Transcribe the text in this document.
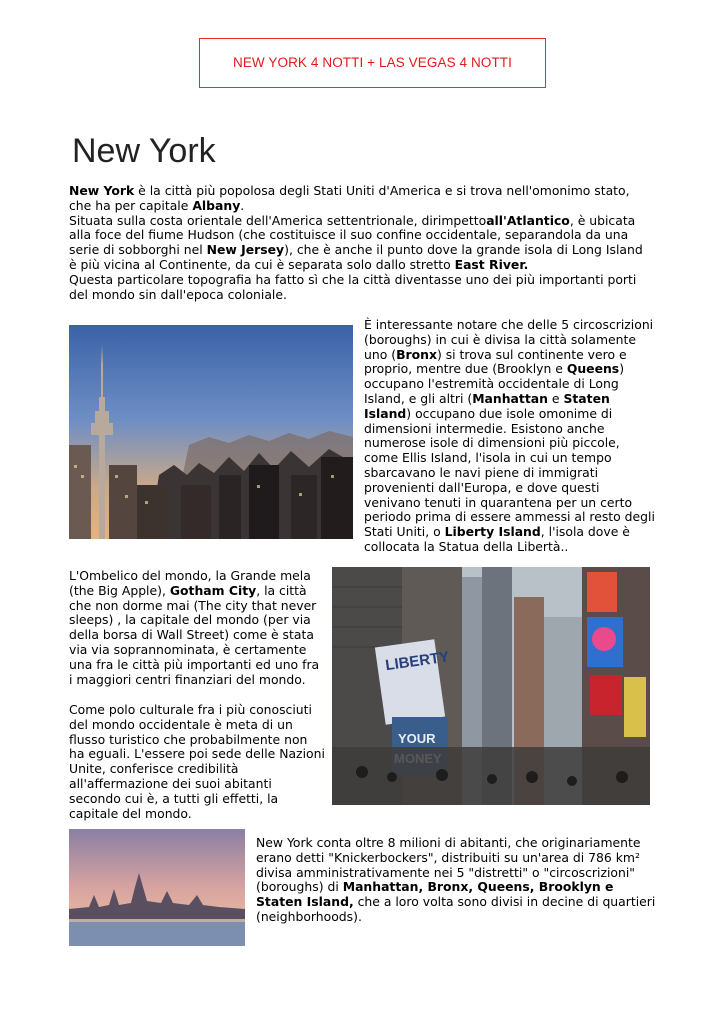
NEW YORK 4 NOTTI + LAS VEGAS 4 NOTTI
New York

New York è la città più popolosa degli Stati Uniti d'America e si trova nell'omonimo stato, che ha per capitale Albany.

Situata sulla costa orientale dell'America settentrionale, dirimpettoall'Atlantico, è ubicata alla foce del fiume Hudson (che costituisce il suo confine occidentale, separandola da una serie di sobborghi nel New Jersey), che è anche il punto dove la grande isola di Long Island è più vicina al Continente, da cui è separata solo dallo stretto East River.

Questa particolare topografia ha fatto sì che la città diventasse uno dei più importanti porti del mondo sin dall'epoca coloniale.

È interessante notare che delle 5 circoscrizioni (boroughs) in cui è divisa la città solamente uno (Bronx) si trova sul continente vero e proprio, mentre due (Brooklyn e Queens) occupano l'estremità occidentale di Long Island, e gli altri (Manhattan e Staten Island) occupano due isole omonime di dimensioni intermedie. Esistono anche numerose isole di dimensioni più piccole, come Ellis Island, l'isola in cui un tempo sbarcavano le navi piene di immigrati provenienti dall'Europa, e dove questi venivano tenuti in quarantena per un certo periodo prima di essere ammessi al resto degli Stati Uniti, o Liberty Island, l'isola dove è collocata la Statua della Libertà..

L'Ombelico del mondo, la Grande mela (the Big Apple), Gotham City, la città che non dorme mai (The city that never sleeps) , la capitale del mondo (per via della borsa di Wall Street) come è stata via via soprannominata, è certamente una fra le città più importanti ed uno fra i maggiori centri finanziari del mondo.

Come polo culturale fra i più conosciuti del mondo occidentale è meta di un flusso turistico che probabilmente non ha eguali. L'essere poi sede delle Nazioni Unite, conferisce credibilità all'affermazione dei suoi abitanti secondo cui è, a tutti gli effetti, la capitale del mondo.

LIBERTY
YOUR

New York conta oltre 8 milioni di abitanti, che originariamente erano detti "Knickerbockers", distribuiti su un'area di 786 km² divisa amministrativamente nei 5 "distretti" o "circoscrizioni" (boroughs) di Manhattan, Bronx, Queens, Brooklyn e Staten Island, che a loro volta sono divisi in decine di quartieri (neighborhoods).
